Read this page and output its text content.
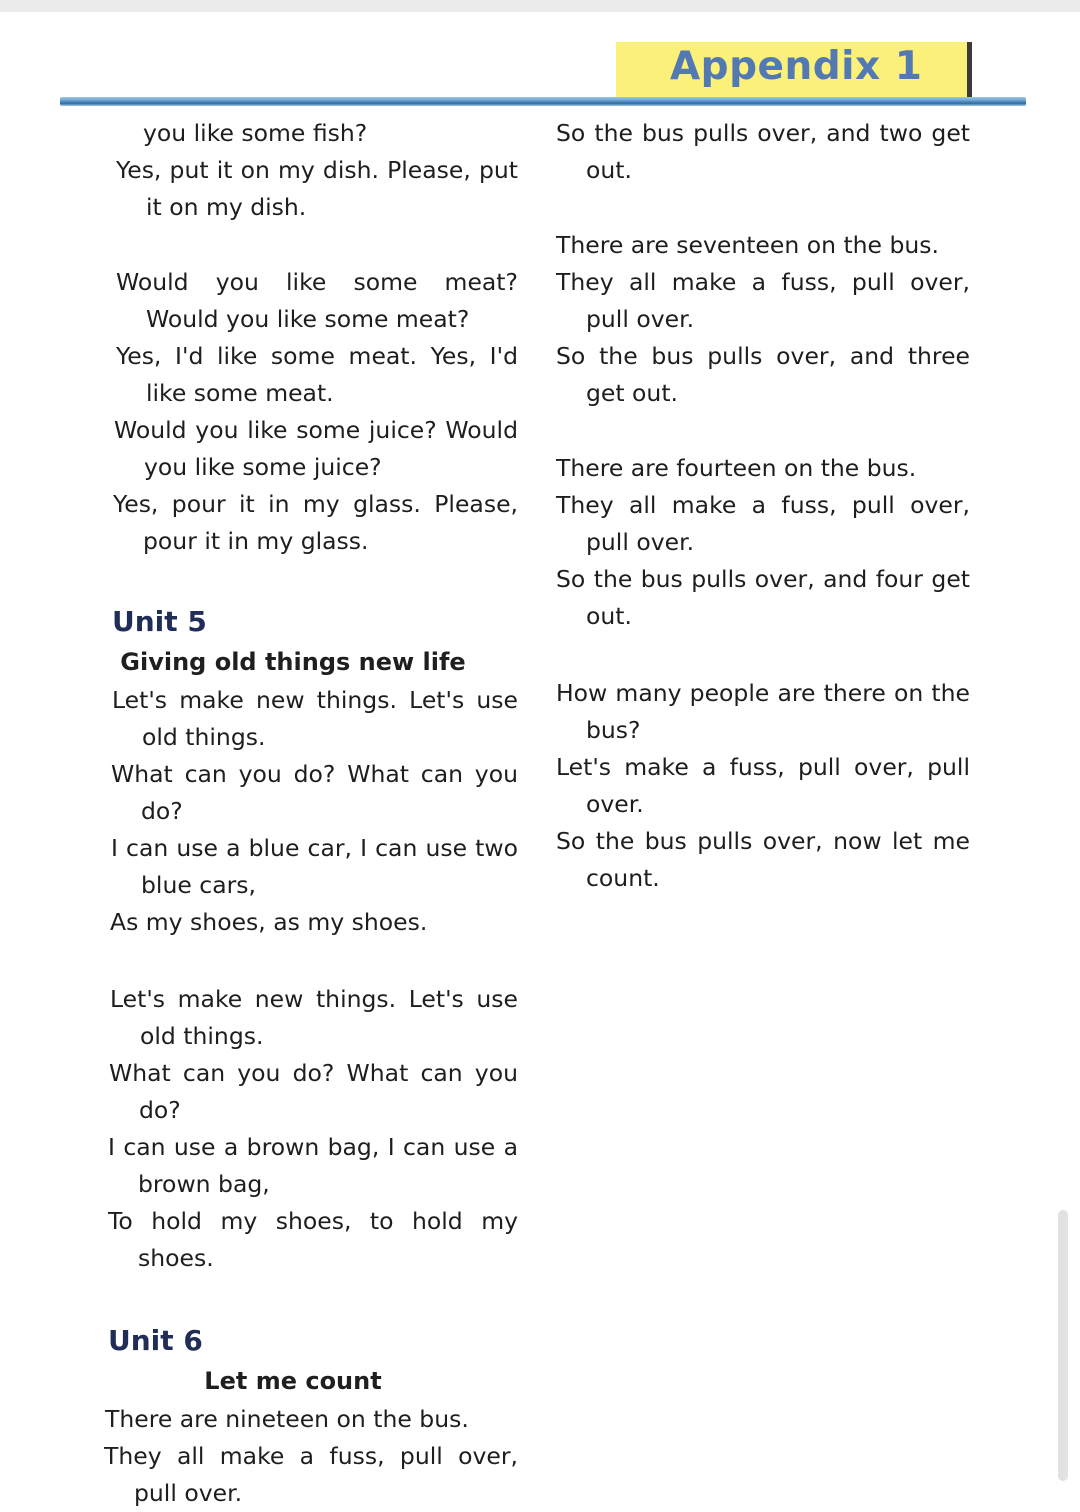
Appendix 1
you like some fish?
Yes, put it on my dish. Please, put it on my dish.
Would you like some meat? Would you like some meat?
Yes, I'd like some meat. Yes, I'd like some meat.
Would you like some juice? Would you like some juice?
Yes, pour it in my glass. Please, pour it in my glass.
Unit 5
Giving old things new life
Let's make new things. Let's use old things.
What can you do? What can you do?
I can use a blue car, I can use two blue cars,
As my shoes, as my shoes.
Let's make new things. Let's use old things.
What can you do? What can you do?
I can use a brown bag, I can use a brown bag,
To hold my shoes, to hold my shoes.
Unit 6
Let me count
There are nineteen on the bus.
They all make a fuss, pull over, pull over.
So the bus pulls over, and two get out.
There are seventeen on the bus.
They all make a fuss, pull over, pull over.
So the bus pulls over, and three get out.
There are fourteen on the bus.
They all make a fuss, pull over, pull over.
So the bus pulls over, and four get out.
How many people are there on the bus?
Let's make a fuss, pull over, pull over.
So the bus pulls over, now let me count.
